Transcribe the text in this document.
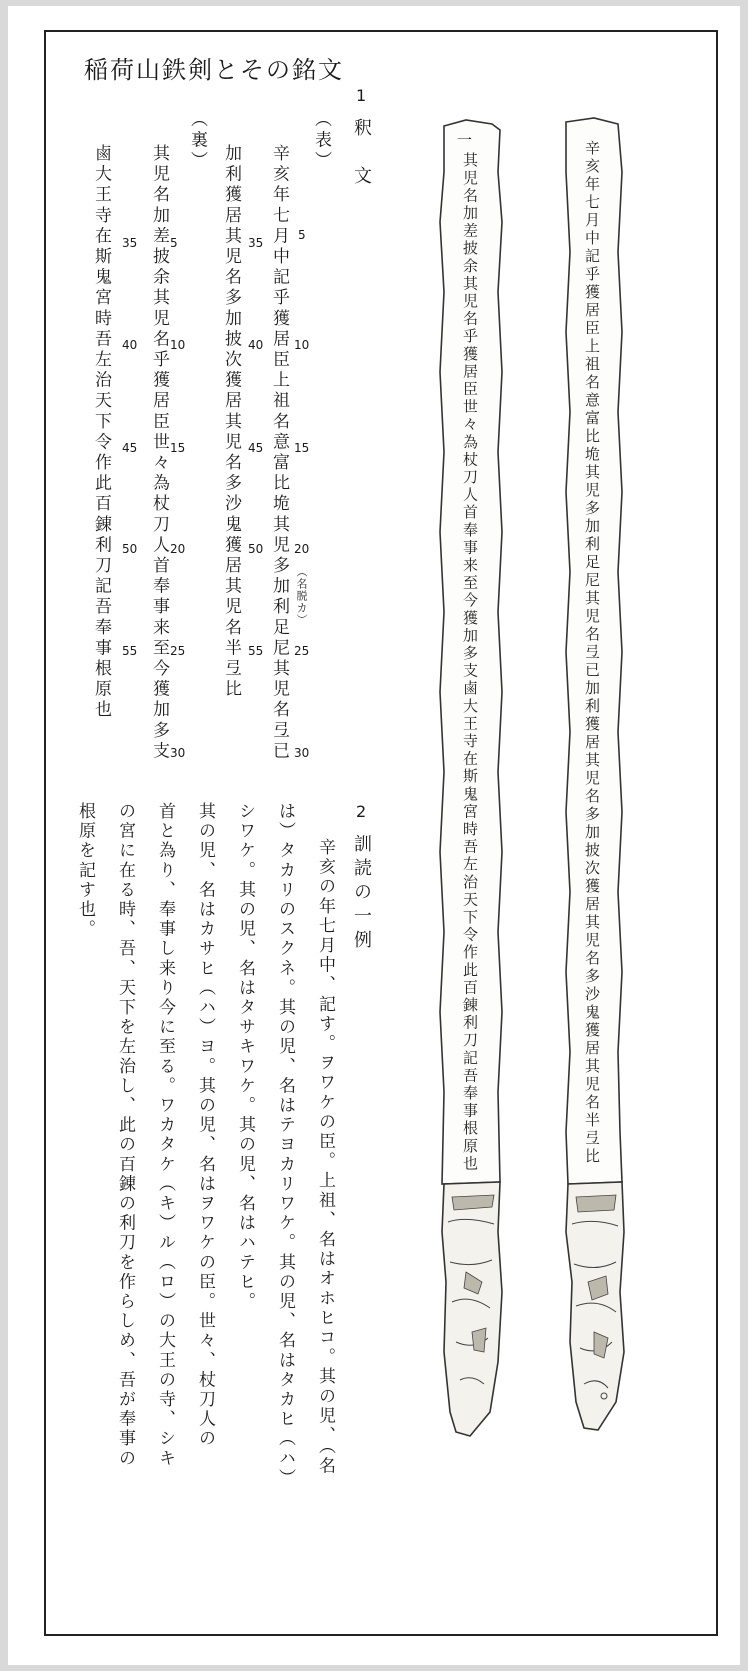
稲荷山鉄剣とその銘文
1
釈　文
（表）
辛亥年七月中記乎獲居臣上祖名意富比垝其児多加利足尼其児名弖已 5
10
15
20
25
30
（名脱カ）
35
40
45
50
55
加利獲居其児名多加披次獲居其児名多沙鬼獲居其児名半弖比
（裏）
其児名加差披余其児名乎獲居臣世々為杖刀人首奉事来至今獲加多支 5
10
15
20
25
30
35
40
45
50
55
鹵大王寺在斯鬼宮時吾左治天下令作此百錬利刀記吾奉事根原也
2
訓読の一例
辛亥の年七月中、記す。ヲワケの臣。上祖、名はオホヒコ。其の児、（名
は）タカリのスクネ。其の児、名はテヨカリワケ。其の児、名はタカヒ（ハ）
シワケ。其の児、名はタサキワケ。其の児、名はハテヒ。
其の児、名はカサヒ（ハ）ヨ。其の児、名はヲワケの臣。世々、杖刀人の
首と為り、奉事し来り今に至る。ワカタケ（キ）ル（ロ）の大王の寺、シキ
の宮に在る時、吾、天下を左治し、此の百錬の利刀を作らしめ、吾が奉事の
根原を記す也。
一
其児名加差披余其児名乎獲居臣世々為杖刀人首奉事来至今獲加多支鹵大王寺在斯鬼宮時吾左治天下令作此百錬利刀記吾奉事根原也	辛亥年七月中記乎獲居臣上祖名意富比垝其児多加利足尼其児名弖已加利獲居其児名多加披次獲居其児名多沙鬼獲居其児名半弖比
